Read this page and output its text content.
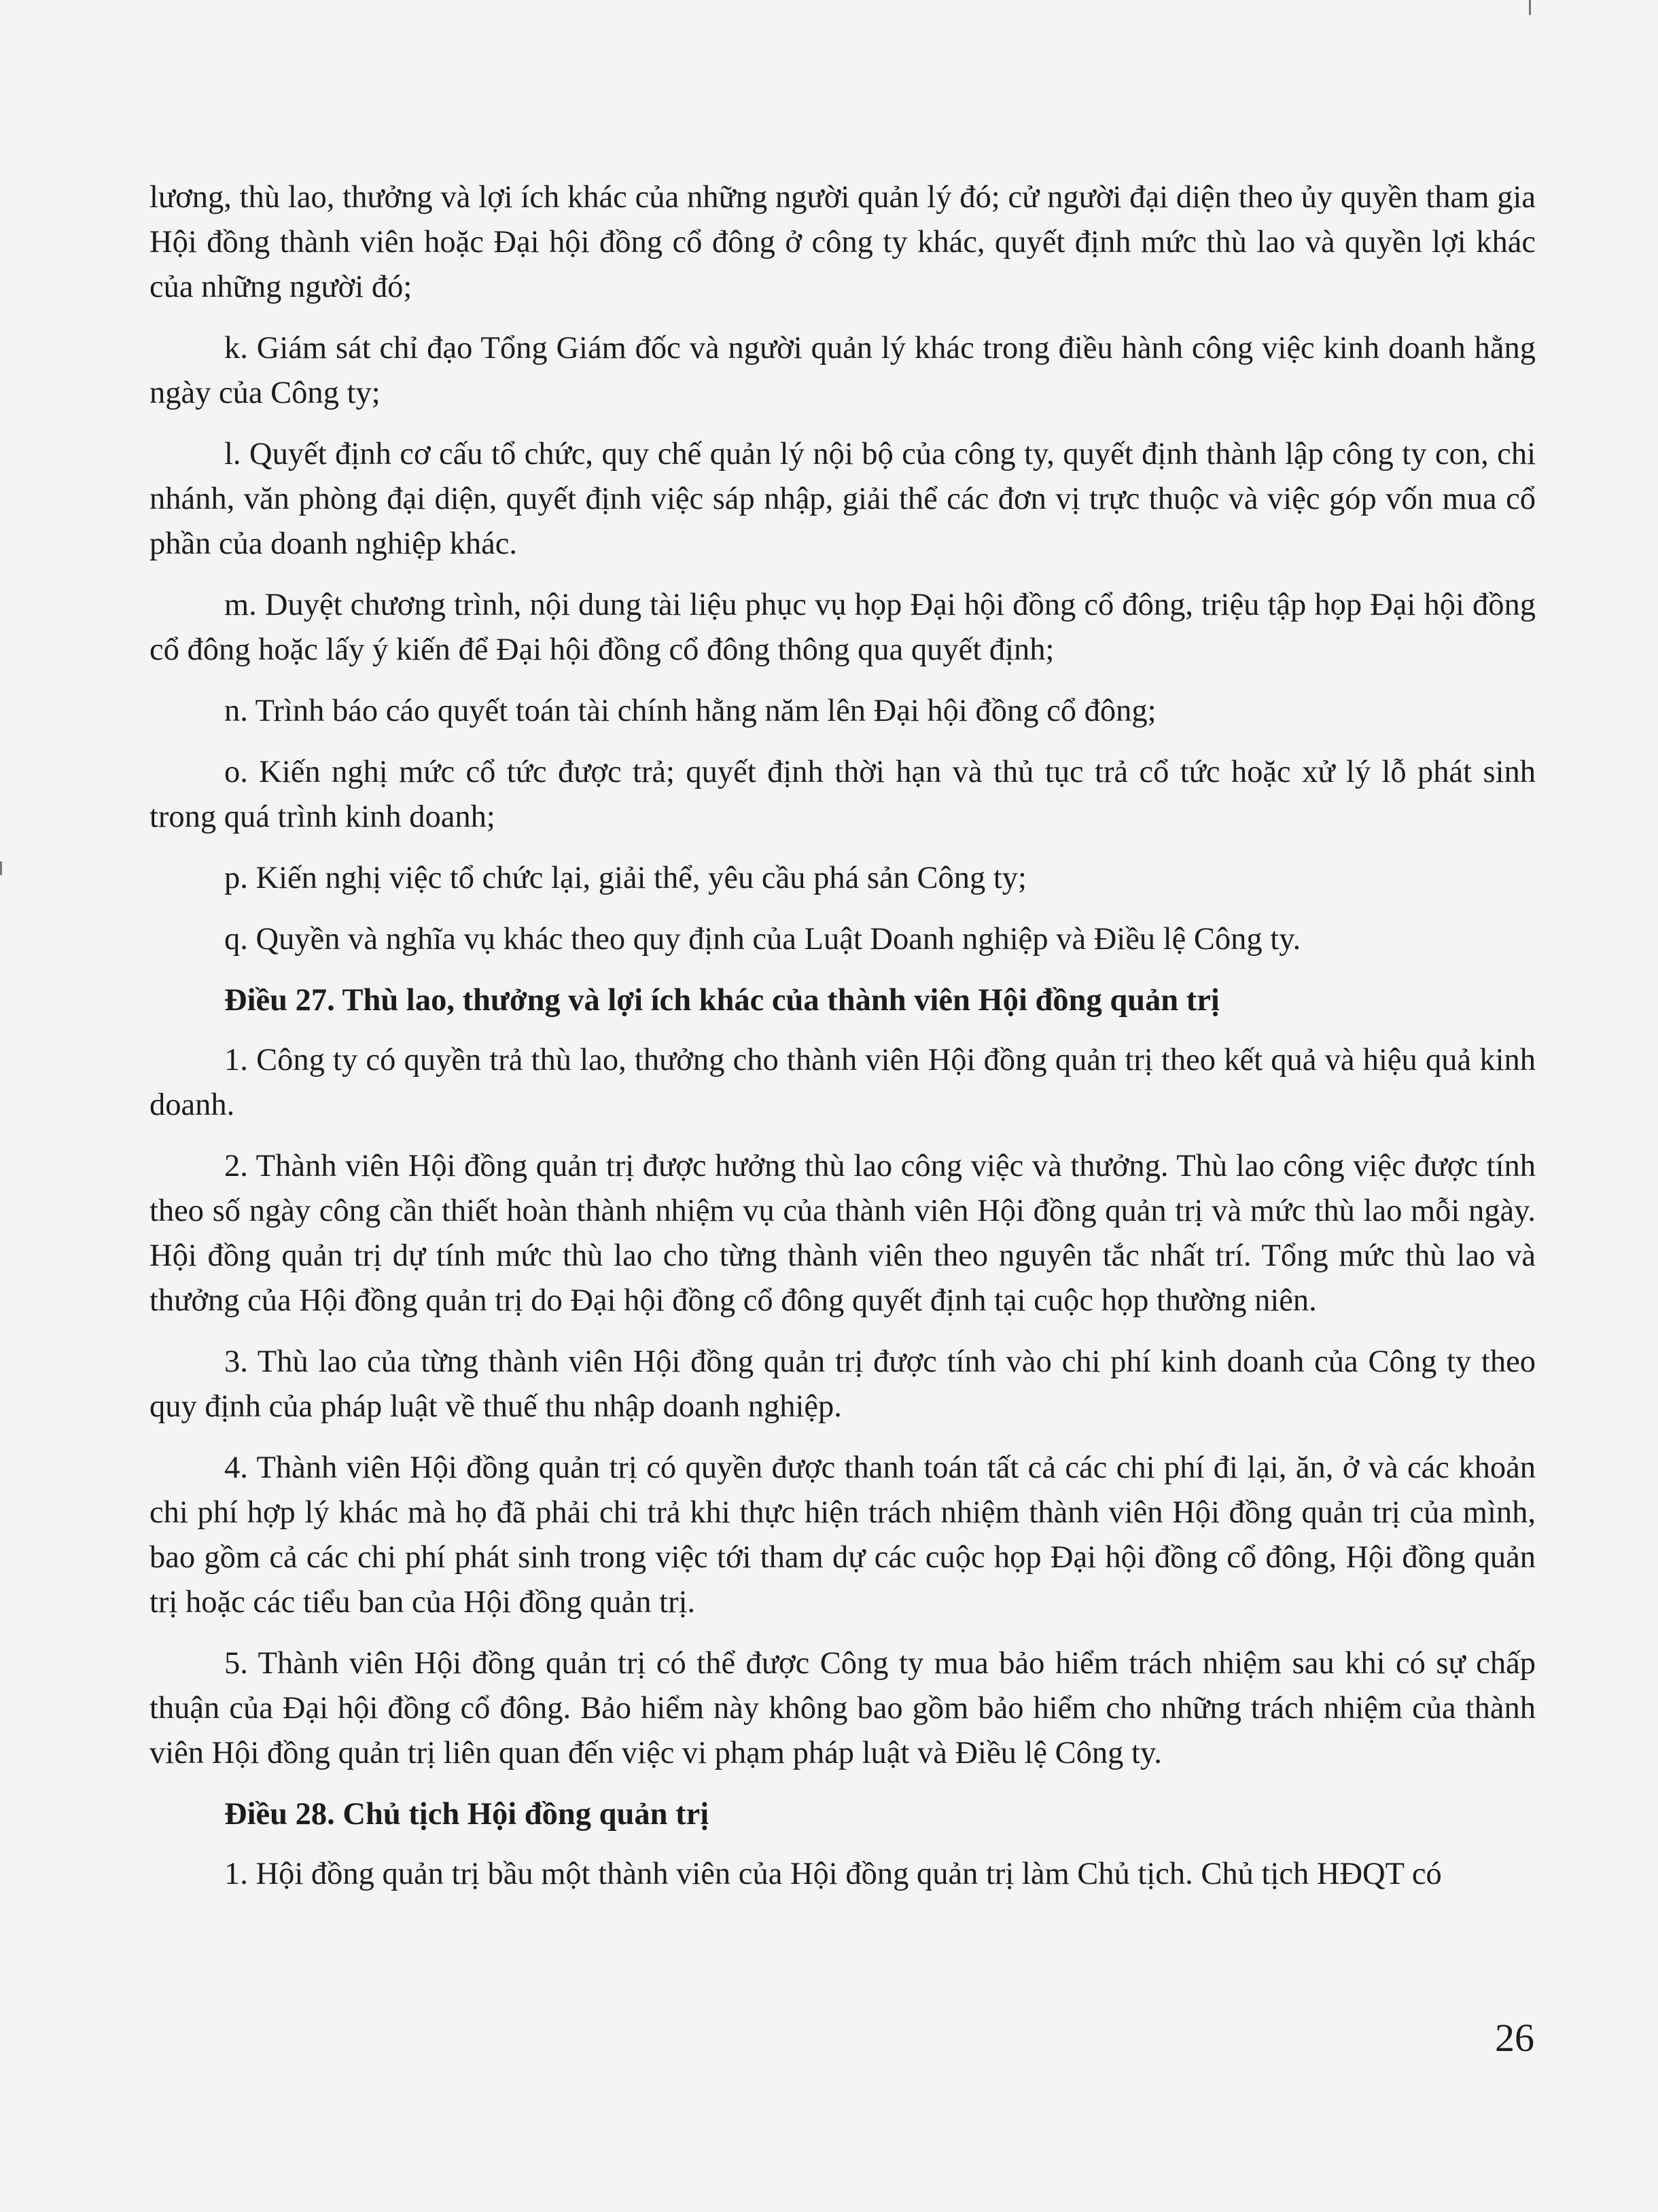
lương, thù lao, thưởng và lợi ích khác của những người quản lý đó; cử người đại diện theo ủy quyền tham gia Hội đồng thành viên hoặc Đại hội đồng cổ đông ở công ty khác, quyết định mức thù lao và quyền lợi khác của những người đó;

k. Giám sát chỉ đạo Tổng Giám đốc và người quản lý khác trong điều hành công việc kinh doanh hằng ngày của Công ty;

l. Quyết định cơ cấu tổ chức, quy chế quản lý nội bộ của công ty, quyết định thành lập công ty con, chi nhánh, văn phòng đại diện, quyết định việc sáp nhập, giải thể các đơn vị trực thuộc và việc góp vốn mua cổ phần của doanh nghiệp khác.

m. Duyệt chương trình, nội dung tài liệu phục vụ họp Đại hội đồng cổ đông, triệu tập họp Đại hội đồng cổ đông hoặc lấy ý kiến để Đại hội đồng cổ đông thông qua quyết định;

n. Trình báo cáo quyết toán tài chính hằng năm lên Đại hội đồng cổ đông;

o. Kiến nghị mức cổ tức được trả; quyết định thời hạn và thủ tục trả cổ tức hoặc xử lý lỗ phát sinh trong quá trình kinh doanh;

p. Kiến nghị việc tổ chức lại, giải thể, yêu cầu phá sản Công ty;

q. Quyền và nghĩa vụ khác theo quy định của Luật Doanh nghiệp và Điều lệ Công ty.

Điều 27. Thù lao, thưởng và lợi ích khác của thành viên Hội đồng quản trị

1. Công ty có quyền trả thù lao, thưởng cho thành viên Hội đồng quản trị theo kết quả và hiệu quả kinh doanh.

2. Thành viên Hội đồng quản trị được hưởng thù lao công việc và thưởng. Thù lao công việc được tính theo số ngày công cần thiết hoàn thành nhiệm vụ của thành viên Hội đồng quản trị và mức thù lao mỗi ngày. Hội đồng quản trị dự tính mức thù lao cho từng thành viên theo nguyên tắc nhất trí. Tổng mức thù lao và thưởng của Hội đồng quản trị do Đại hội đồng cổ đông quyết định tại cuộc họp thường niên.

3. Thù lao của từng thành viên Hội đồng quản trị được tính vào chi phí kinh doanh của Công ty theo quy định của pháp luật về thuế thu nhập doanh nghiệp.

4. Thành viên Hội đồng quản trị có quyền được thanh toán tất cả các chi phí đi lại, ăn, ở và các khoản chi phí hợp lý khác mà họ đã phải chi trả khi thực hiện trách nhiệm thành viên Hội đồng quản trị của mình, bao gồm cả các chi phí phát sinh trong việc tới tham dự các cuộc họp Đại hội đồng cổ đông, Hội đồng quản trị hoặc các tiểu ban của Hội đồng quản trị.

5. Thành viên Hội đồng quản trị có thể được Công ty mua bảo hiểm trách nhiệm sau khi có sự chấp thuận của Đại hội đồng cổ đông. Bảo hiểm này không bao gồm bảo hiểm cho những trách nhiệm của thành viên Hội đồng quản trị liên quan đến việc vi phạm pháp luật và Điều lệ Công ty.

Điều 28. Chủ tịch Hội đồng quản trị

1. Hội đồng quản trị bầu một thành viên của Hội đồng quản trị làm Chủ tịch. Chủ tịch HĐQT có

26
